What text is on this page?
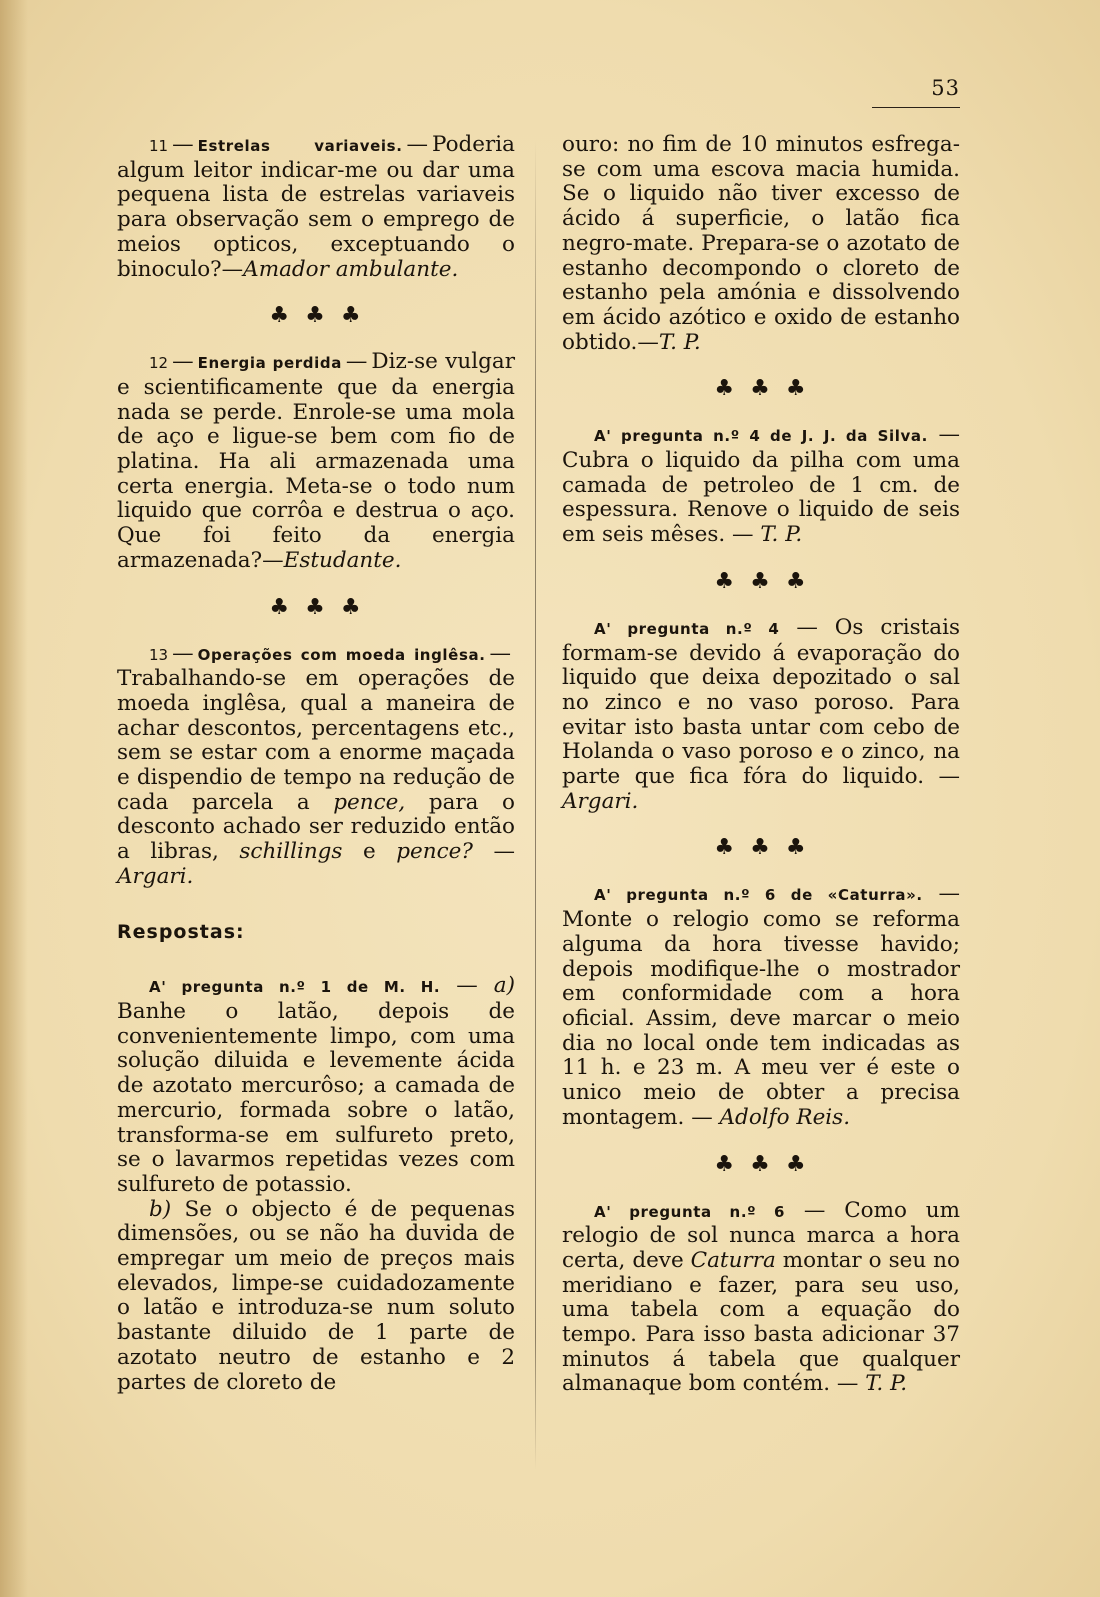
53

11 — Estrelas variaveis. — Poderia algum leitor indicar-me ou dar uma pequena lista de estrelas variaveis para observação sem o emprego de meios opticos, exceptuando o binoculo?—Amador ambulante.

♣♣♣

12 — Energia perdida — Diz-se vulgar e scientificamente que da energia nada se perde. Enrole-se uma mola de aço e ligue-se bem com fio de platina. Ha ali armazenada uma certa energia. Meta-se o todo num liquido que corrôa e destrua o aço. Que foi feito da energia armazenada?—Estudante.

♣♣♣

13 — Operações com moeda inglêsa. —Trabalhando-se em operações de moeda inglêsa, qual a maneira de achar descontos, percentagens etc., sem se estar com a enorme maçada e dispendio de tempo na redução de cada parcela a pence, para o desconto achado ser reduzido então a libras, schillings e pence? —Argari.

Respostas:

A' pregunta n.º 1 de M. H. — a) Banhe o latão, depois de convenientemente limpo, com uma solução diluida e levemente ácida de azotato mercurôso; a camada de mercurio, formada sobre o latão, transforma-se em sulfureto preto, se o lavarmos repetidas vezes com sulfureto de potassio.

b) Se o objecto é de pequenas dimensões, ou se não ha duvida de empregar um meio de preços mais elevados, limpe-se cuidadozamente o latão e introduza-se num soluto bastante diluido de 1 parte de azotato neutro de estanho e 2 partes de cloreto de

ouro: no fim de 10 minutos esfrega-se com uma escova macia humida. Se o liquido não tiver excesso de ácido á superficie, o latão fica negro-mate. Prepara-se o azotato de estanho decompondo o cloreto de estanho pela amónia e dissolvendo em ácido azótico e oxido de estanho obtido.—T. P.

♣♣♣

A' pregunta n.º 4 de J. J. da Silva. — Cubra o liquido da pilha com uma camada de petroleo de 1 cm. de espessura. Renove o liquido de seis em seis mêses. — T. P.

♣♣♣

A' pregunta n.º 4 — Os cristais formam-se devido á evaporação do liquido que deixa depozitado o sal no zinco e no vaso poroso. Para evitar isto basta untar com cebo de Holanda o vaso poroso e o zinco, na parte que fica fóra do liquido. — Argari.

♣♣♣

A' pregunta n.º 6 de «Caturra». — Monte o relogio como se reforma alguma da hora tivesse havido; depois modifique-lhe o mostrador em conformidade com a hora oficial. Assim, deve marcar o meio dia no local onde tem indicadas as 11 h. e 23 m. A meu ver é este o unico meio de obter a precisa montagem. — Adolfo Reis.

♣♣♣

A' pregunta n.º 6 — Como um relogio de sol nunca marca a hora certa, deve Caturra montar o seu no meridiano e fazer, para seu uso, uma tabela com a equação do tempo. Para isso basta adicionar 37 minutos á tabela que qualquer almanaque bom contém. — T. P.
